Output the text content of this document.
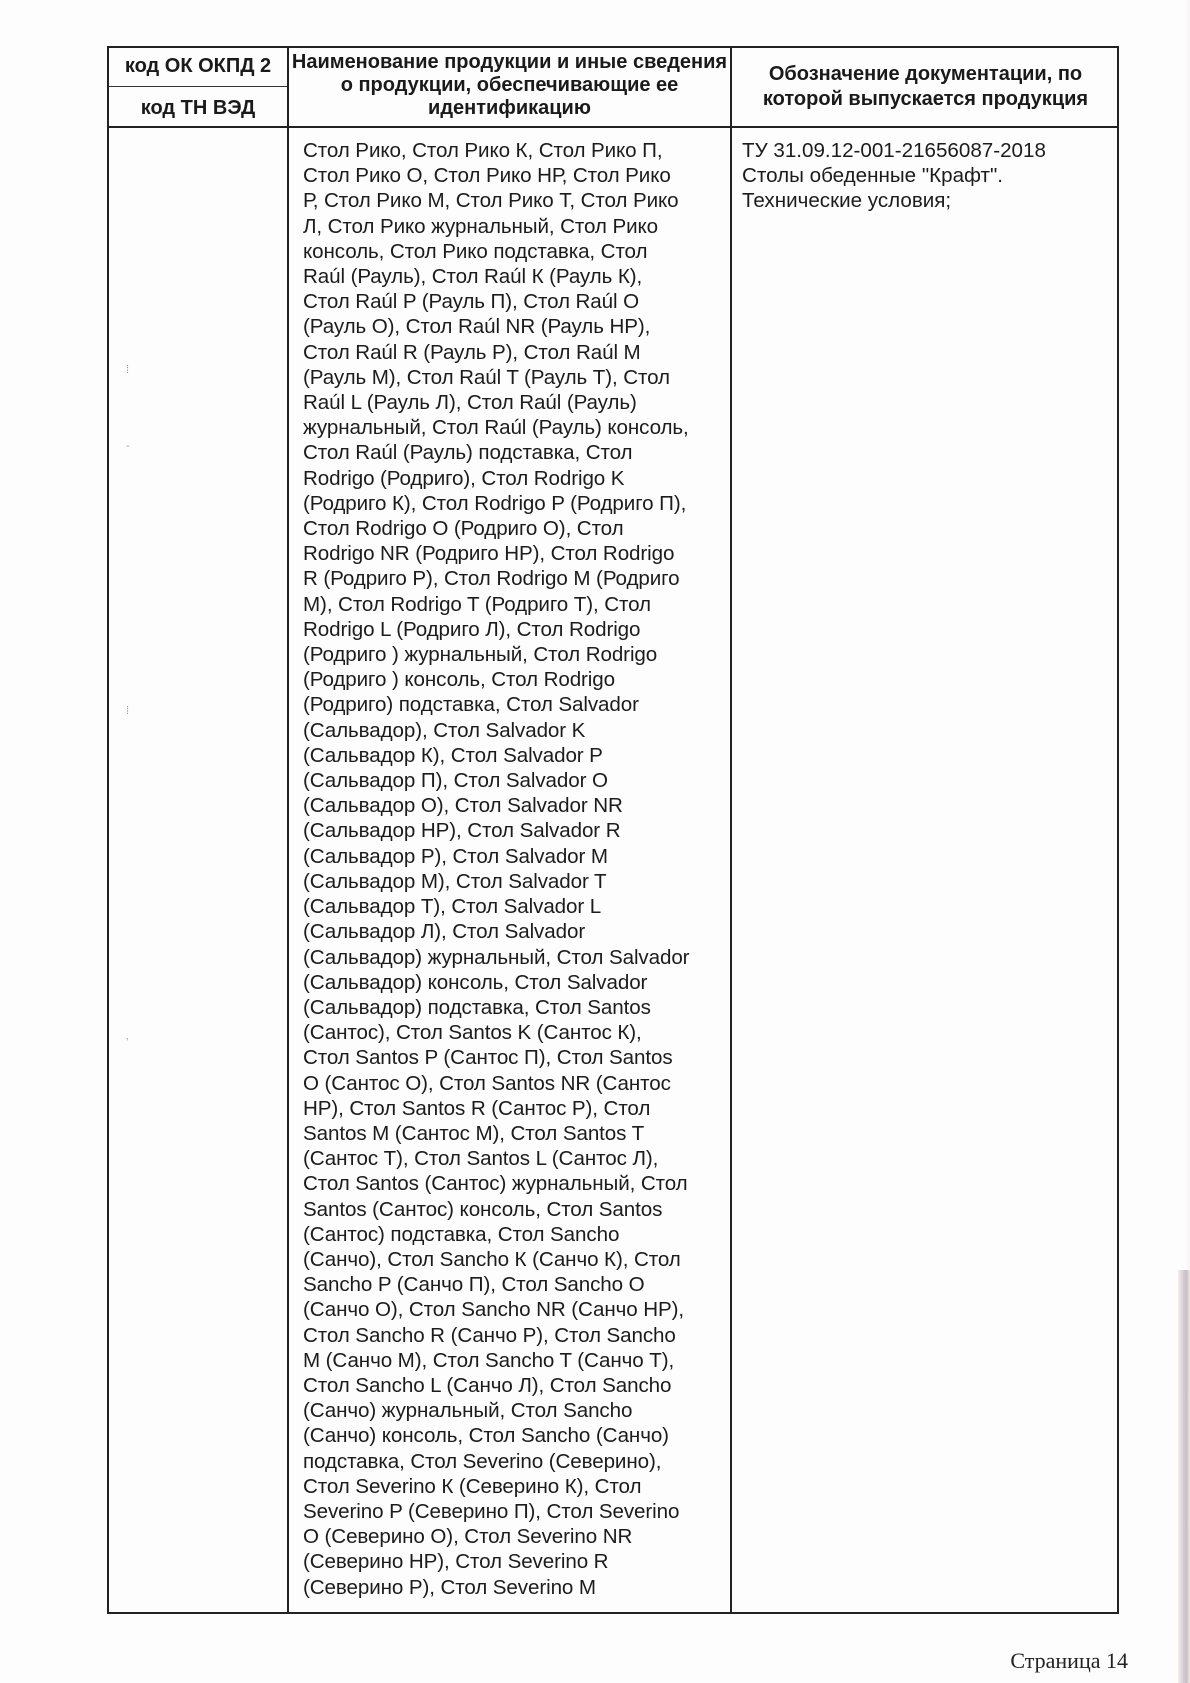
код ОК ОКПД 2
код ТН ВЭД
Наименование продукции и иные сведения о продукции, обеспечивающие ее идентификацию
Обозначение документации, по которой выпускается продукция
Стол Рико, Стол Рико К, Стол Рико П,
Стол Рико О, Стол Рико НР, Стол Рико
Р, Стол Рико М, Стол Рико Т, Стол Рико
Л, Стол Рико журнальный, Стол Рико
консоль, Стол Рико подставка, Стол
Raúl (Рауль), Стол Raúl К (Рауль К),
Стол Raúl P (Рауль П), Стол Raúl O
(Рауль О), Стол Raúl NR (Рауль НР),
Стол Raúl R (Рауль Р), Стол Raúl M
(Рауль М), Стол Raúl T (Рауль Т), Стол
Raúl L (Рауль Л), Стол Raúl (Рауль)
журнальный, Стол Raúl (Рауль) консоль,
Стол Raúl (Рауль) подставка, Стол
Rodrigo (Родриго), Стол Rodrigo K
(Родриго К), Стол Rodrigo P (Родриго П),
Стол Rodrigo O (Родриго О), Стол
Rodrigo NR (Родриго НР), Стол Rodrigo
R (Родриго Р), Стол Rodrigo M (Родриго
М), Стол Rodrigo T (Родриго Т), Стол
Rodrigo L (Родриго Л), Стол Rodrigo
(Родриго ) журнальный, Стол Rodrigo
(Родриго ) консоль, Стол Rodrigo
(Родриго) подставка, Стол Salvador
(Сальвадор), Стол Salvador K
(Сальвадор К), Стол Salvador P
(Сальвадор П), Стол Salvador O
(Сальвадор О), Стол Salvador NR
(Сальвадор НР), Стол Salvador R
(Сальвадор Р), Стол Salvador M
(Сальвадор М), Стол Salvador T
(Сальвадор Т), Стол Salvador L
(Сальвадор Л), Стол Salvador
(Сальвадор) журнальный, Стол Salvador
(Сальвадор) консоль, Стол Salvador
(Сальвадор) подставка, Стол Santos
(Сантос), Стол Santos K (Сантос К),
Стол Santos P (Сантос П), Стол Santos
O (Сантос О), Стол Santos NR (Сантос
НР), Стол Santos R (Сантос Р), Стол
Santos M (Сантос М), Стол Santos T
(Сантос Т), Стол Santos L (Сантос Л),
Стол Santos (Сантос) журнальный, Стол
Santos (Сантос) консоль, Стол Santos
(Сантос) подставка, Стол Sancho
(Санчо), Стол Sancho К (Санчо К), Стол
Sancho P (Санчо П), Стол Sancho O
(Санчо О), Стол Sancho NR (Санчо НР),
Стол Sancho R (Санчо Р), Стол Sancho
M (Санчо М), Стол Sancho T (Санчо Т),
Стол Sancho L (Санчо Л), Стол Sancho
(Санчо) журнальный, Стол Sancho
(Санчо) консоль, Стол Sancho (Санчо)
подставка, Стол Severino (Северино),
Стол Severino К (Северино К), Стол
Severino P (Северино П), Стол Severino
O (Северино О), Стол Severino NR
(Северино НР), Стол Severino R
(Северино Р), Стол Severino M
ТУ 31.09.12-001-21656087-2018
Столы обеденные "Крафт".
Технические условия;
⁞
-
⁞
‚
Страница 14
